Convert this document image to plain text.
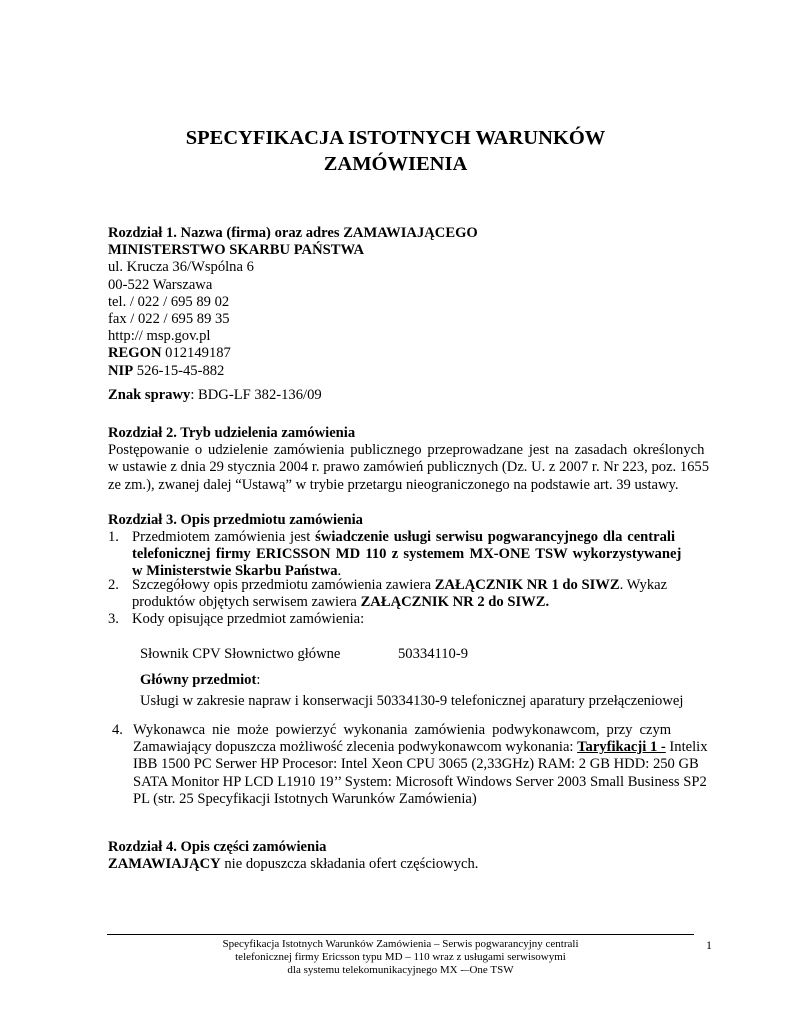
SPECYFIKACJA ISTOTNYCH WARUNKÓW
ZAMÓWIENIA
Rozdział 1. Nazwa (firma) oraz adres ZAMAWIAJĄCEGO
MINISTERSTWO SKARBU PAŃSTWA
ul. Krucza 36/Wspólna 6
00-522 Warszawa
tel. / 022 / 695 89 02
fax / 022 / 695 89 35
http:// msp.gov.pl
REGON 012149187
NIP 526-15-45-882
Znak sprawy: BDG-LF 382-136/09
Rozdział 2. Tryb udzielenia zamówienia
Postępowanie o udzielenie zamówienia publicznego przeprowadzane jest na zasadach określonych
w ustawie z dnia 29 stycznia 2004 r. prawo zamówień publicznych (Dz. U. z 2007 r. Nr 223, poz. 1655
ze zm.), zwanej dalej “Ustawą” w trybie przetargu nieograniczonego na podstawie art. 39 ustawy.
Rozdział 3. Opis przedmiotu zamówienia
1. Przedmiotem zamówienia jest świadczenie usługi serwisu pogwarancyjnego dla centrali
telefonicznej firmy ERICSSON MD 110 z systemem MX-ONE TSW wykorzystywanej
w Ministerstwie Skarbu Państwa.
2. Szczegółowy opis przedmiotu zamówienia zawiera ZAŁĄCZNIK NR 1 do SIWZ. Wykaz
produktów objętych serwisem zawiera ZAŁĄCZNIK NR 2 do SIWZ.
3. Kody opisujące przedmiot zamówienia:
Słownik CPV Słownictwo główne	50334110-9
Główny przedmiot:
Usługi w zakresie napraw i konserwacji 50334130-9 telefonicznej aparatury przełączeniowej
4. Wykonawca nie może powierzyć wykonania zamówienia podwykonawcom, przy czym
Zamawiający dopuszcza możliwość zlecenia podwykonawcom wykonania: Taryfikacji 1 - Intelix
IBB 1500 PC Serwer HP Procesor: Intel Xeon CPU 3065 (2,33GHz) RAM: 2 GB HDD: 250 GB
SATA Monitor HP LCD L1910 19’’ System: Microsoft Windows Server 2003 Small Business SP2
PL (str. 25 Specyfikacji Istotnych Warunków Zamówienia)
Rozdział 4. Opis części zamówienia
ZAMAWIAJĄCY nie dopuszcza składania ofert częściowych.
Specyfikacja Istotnych Warunków Zamówienia – Serwis pogwarancyjny centrali
telefonicznej firmy Ericsson typu MD – 110 wraz z usługami serwisowymi
dla systemu telekomunikacyjnego MX -–One TSW
1
